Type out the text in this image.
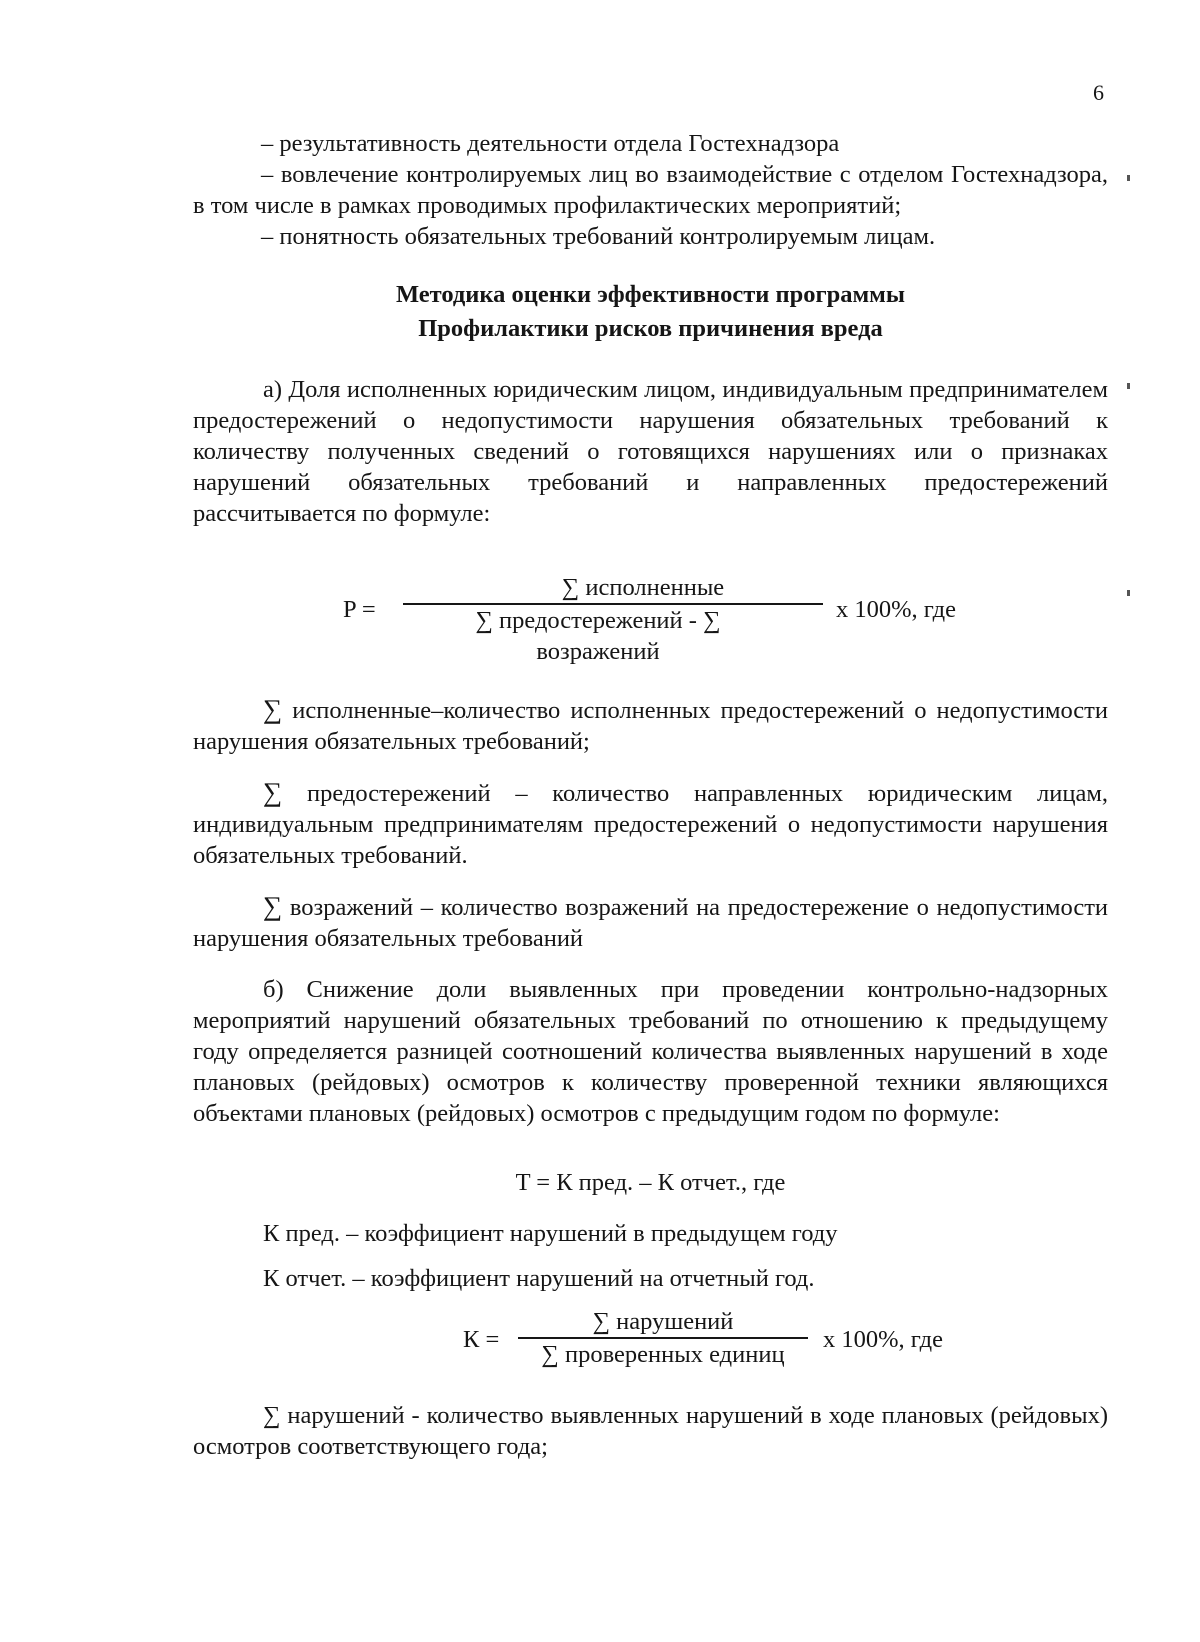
6

– результативность деятельности отдела Гостехнадзора

– вовлечение контролируемых лиц во взаимодействие с отделом Гостехнадзора, в том числе в рамках проводимых профилактических мероприятий;

– понятность обязательных требований контролируемым лицам.

Методика оценки эффективности программы

Профилактики рисков причинения вреда

а) Доля исполненных юридическим лицом, индивидуальным предпринимателем предостережений о недопустимости нарушения обязательных требований к количеству полученных сведений о готовящихся нарушениях или о признаках нарушений обязательных требований и направленных предостережений рассчитывается по формуле:

P =
∑ исполненные
∑ предостережений - ∑
возражений
х 100%, где

∑ исполненные–количество исполненных предостережений о недопустимости нарушения обязательных требований;

∑ предостережений – количество направленных юридическим лицам, индивидуальным предпринимателям предостережений о недопустимости нарушения обязательных требований.

∑ возражений – количество возражений на предостережение о недопустимости нарушения обязательных требований

б) Снижение доли выявленных при проведении контрольно-надзорных мероприятий нарушений обязательных требований по отношению к предыдущему году определяется разницей соотношений количества выявленных нарушений в ходе плановых (рейдовых) осмотров к количеству проверенной техники являющихся объектами плановых (рейдовых) осмотров с предыдущим годом по формуле:

T = К пред. – К отчет., где

К пред. – коэффициент нарушений в предыдущем году

К отчет. – коэффициент нарушений на отчетный год.

К =
∑ нарушений
∑ проверенных единиц
х 100%, где

∑ нарушений - количество выявленных нарушений в ходе плановых (рейдовых) осмотров соответствующего года;
